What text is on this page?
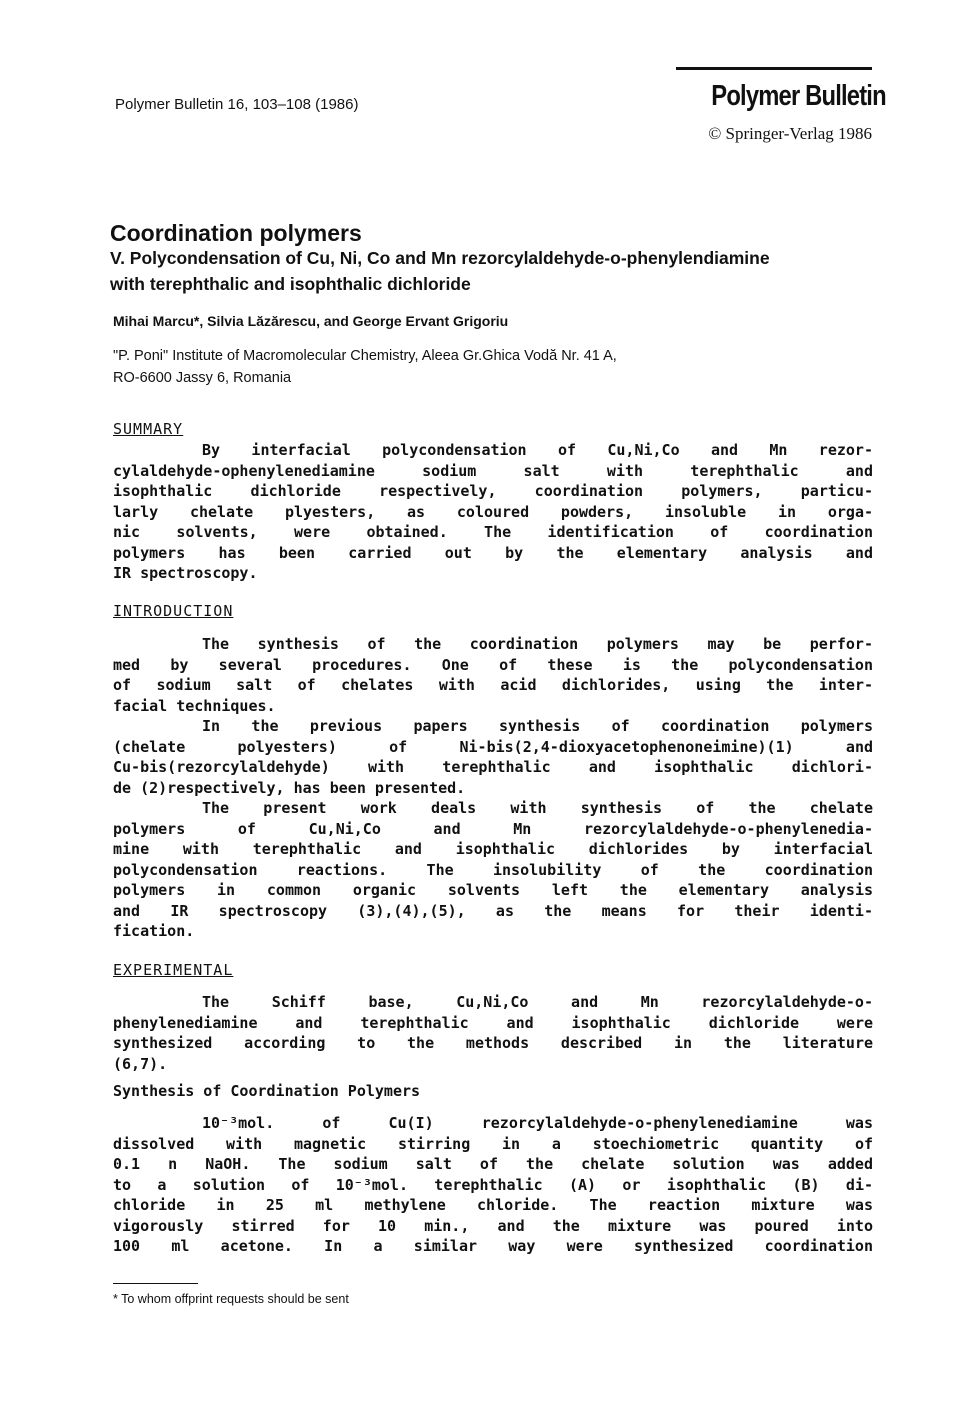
Polymer Bulletin 16, 103–108 (1986)	Polymer Bulletin
© Springer-Verlag 1986
Coordination polymers
V. Polycondensation of Cu, Ni, Co and Mn rezorcylaldehyde-o-phenylendiamine
with terephthalic and isophthalic dichloride
Mihai Marcu*, Silvia Lăzărescu, and George Ervant Grigoriu
"P. Poni" Institute of Macromolecular Chemistry, Aleea Gr.Ghica Vodă Nr. 41 A,
RO-6600 Jassy 6, Romania
SUMMARY
By interfacial polycondensation of Cu,Ni,Co and Mn rezor-
cylaldehyde-ophenylenediamine sodium salt with terephthalic and
isophthalic dichloride respectively, coordination polymers, particu-
larly chelate plyesters, as coloured powders, insoluble in orga-
nic solvents, were obtained. The identification of coordination
polymers has been carried out by the elementary analysis and
IR spectroscopy.
INTRODUCTION
The synthesis of the coordination polymers may be perfor-
med by several procedures. One of these is the polycondensation
of sodium salt of chelates with acid dichlorides, using the inter-
facial techniques.
In the previous papers synthesis of coordination polymers
(chelate polyesters) of Ni-bis(2,4-dioxyacetophenoneimine)(1) and
Cu-bis(rezorcylaldehyde) with terephthalic and isophthalic dichlori-
de (2)respectively, has been presented.
The present work deals with synthesis of the chelate
polymers of Cu,Ni,Co and Mn rezorcylaldehyde-o-phenylenedia-
mine with terephthalic and isophthalic dichlorides by interfacial
polycondensation reactions. The insolubility of the coordination
polymers in common organic solvents left the elementary analysis
and IR spectroscopy (3),(4),(5), as the means for their identi-
fication.
EXPERIMENTAL
The Schiff base, Cu,Ni,Co and Mn rezorcylaldehyde-o-
phenylenediamine and terephthalic and isophthalic dichloride were
synthesized according to the methods described in the literature
(6,7).
Synthesis of Coordination Polymers
10⁻³mol. of Cu(I) rezorcylaldehyde-o-phenylenediamine was
dissolved with magnetic stirring in a stoechiometric quantity of
0.1 n NaOH. The sodium salt of the chelate solution was added
to a solution of 10⁻³mol. terephthalic (A) or isophthalic (B) di-
chloride in 25 ml methylene chloride. The reaction mixture was
vigorously stirred for 10 min., and the mixture was poured into
100 ml acetone. In a similar way were synthesized coordination
* To whom offprint requests should be sent
